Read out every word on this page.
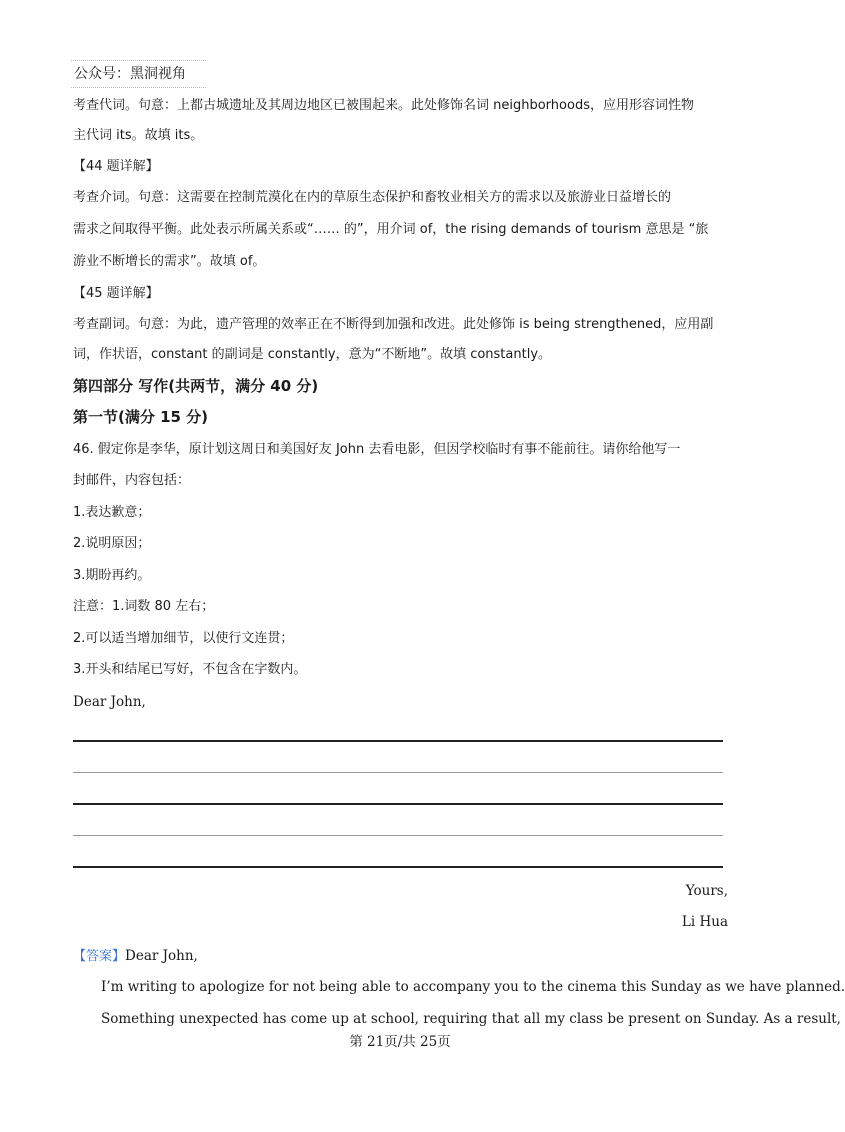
公众号：黑洞视角
考查代词。句意：上都古城遗址及其周边地区已被围起来。此处修饰名词 neighborhoods，应用形容词性物
主代词 its。故填 its。
【44 题详解】
考查介词。句意：这需要在控制荒漠化在内的草原生态保护和畜牧业相关方的需求以及旅游业日益增长的
需求之间取得平衡。此处表示所属关系或“…… 的”，用介词 of，the rising demands of tourism 意思是 “旅
游业不断增长的需求”。故填 of。
【45 题详解】
考查副词。句意：为此，遗产管理的效率正在不断得到加强和改进。此处修饰 is being strengthened，应用副
词，作状语，constant 的副词是 constantly，意为“不断地”。故填 constantly。
第四部分 写作(共两节，满分 40 分)
第一节(满分 15 分)
46. 假定你是李华，原计划这周日和美国好友 John 去看电影，但因学校临时有事不能前往。请你给他写一
封邮件，内容包括：
1.表达歉意；
2.说明原因；
3.期盼再约。
注意：1.词数 80 左右；
2.可以适当增加细节，以使行文连贯；
3.开头和结尾已写好，不包含在字数内。
Dear John,
Yours,
Li Hua
【答案】Dear John,
I’m writing to apologize for not being able to accompany you to the cinema this Sunday as we have planned.
Something unexpected has come up at school, requiring that all my class be present on Sunday. As a result,
第 21页/共 25页
